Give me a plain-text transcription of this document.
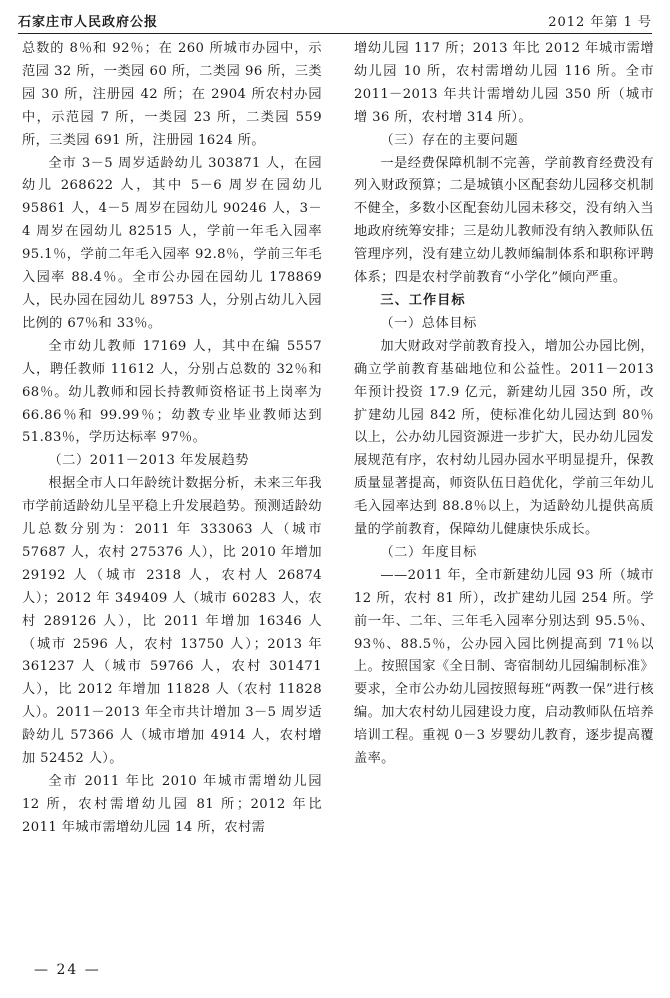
石家庄市人民政府公报	2012 年第 1 号

总数的 8％和 92％；在 260 所城市办园中，示范园 32 所，一类园 60 所，二类园 96 所，三类园 30 所，注册园 42 所；在 2904 所农村办园中，示范园 7 所，一类园 23 所，二类园 559 所，三类园 691 所，注册园 1624 所。

全市 3－5 周岁适龄幼儿 303871 人，在园幼儿 268622 人，其中 5－6 周岁在园幼儿 95861 人，4－5 周岁在园幼儿 90246 人，3－4 周岁在园幼儿 82515 人，学前一年毛入园率 95.1％，学前二年毛入园率 92.8％，学前三年毛入园率 88.4％。全市公办园在园幼儿 178869 人，民办园在园幼儿 89753 人，分别占幼儿入园比例的 67％和 33％。

全市幼儿教师 17169 人，其中在编 5557 人，聘任教师 11612 人，分别占总数的 32％和 68％。幼儿教师和园长持教师资格证书上岗率为 66.86％和 99.99％；幼教专业毕业教师达到 51.83％，学历达标率 97％。

（二）2011－2013 年发展趋势

根据全市人口年龄统计数据分析，未来三年我市学前适龄幼儿呈平稳上升发展趋势。预测适龄幼儿总数分别为：2011 年 333063 人（城市 57687 人，农村 275376 人），比 2010 年增加 29192 人（城市 2318 人，农村人 26874 人）；2012 年 349409 人（城市 60283 人，农村 289126 人），比 2011 年增加 16346 人（城市 2596 人，农村 13750 人）；2013 年 361237 人（城市 59766 人，农村 301471 人），比 2012 年增加 11828 人（农村 11828 人）。2011－2013 年全市共计增加 3－5 周岁适龄幼儿 57366 人（城市增加 4914 人，农村增加 52452 人）。

全市 2011 年比 2010 年城市需增幼儿园 12 所，农村需增幼儿园 81 所；2012 年比 2011 年城市需增幼儿园 14 所，农村需

增幼儿园 117 所；2013 年比 2012 年城市需增幼儿园 10 所，农村需增幼儿园 116 所。全市 2011－2013 年共计需增幼儿园 350 所（城市增 36 所，农村增 314 所）。

（三）存在的主要问题

一是经费保障机制不完善，学前教育经费没有列入财政预算；二是城镇小区配套幼儿园移交机制不健全，多数小区配套幼儿园未移交，没有纳入当地政府统筹安排；三是幼儿教师没有纳入教师队伍管理序列，没有建立幼儿教师编制体系和职称评聘体系；四是农村学前教育“小学化”倾向严重。

三、工作目标
（一）总体目标

加大财政对学前教育投入，增加公办园比例，确立学前教育基础地位和公益性。2011－2013 年预计投资 17.9 亿元，新建幼儿园 350 所，改扩建幼儿园 842 所，使标准化幼儿园达到 80％以上，公办幼儿园资源进一步扩大，民办幼儿园发展规范有序，农村幼儿园办园水平明显提升，保教质量显著提高，师资队伍日趋优化，学前三年幼儿毛入园率达到 88.8％以上，为适龄幼儿提供高质量的学前教育，保障幼儿健康快乐成长。

（二）年度目标

——2011 年，全市新建幼儿园 93 所（城市 12 所，农村 81 所），改扩建幼儿园 254 所。学前一年、二年、三年毛入园率分别达到 95.5％、93％、88.5％，公办园入园比例提高到 71％以上。按照国家《全日制、寄宿制幼儿园编制标准》要求，全市公办幼儿园按照每班“两教一保”进行核编。加大农村幼儿园建设力度，启动教师队伍培养培训工程。重视 0－3 岁婴幼儿教育，逐步提高覆盖率。

— 24 —
